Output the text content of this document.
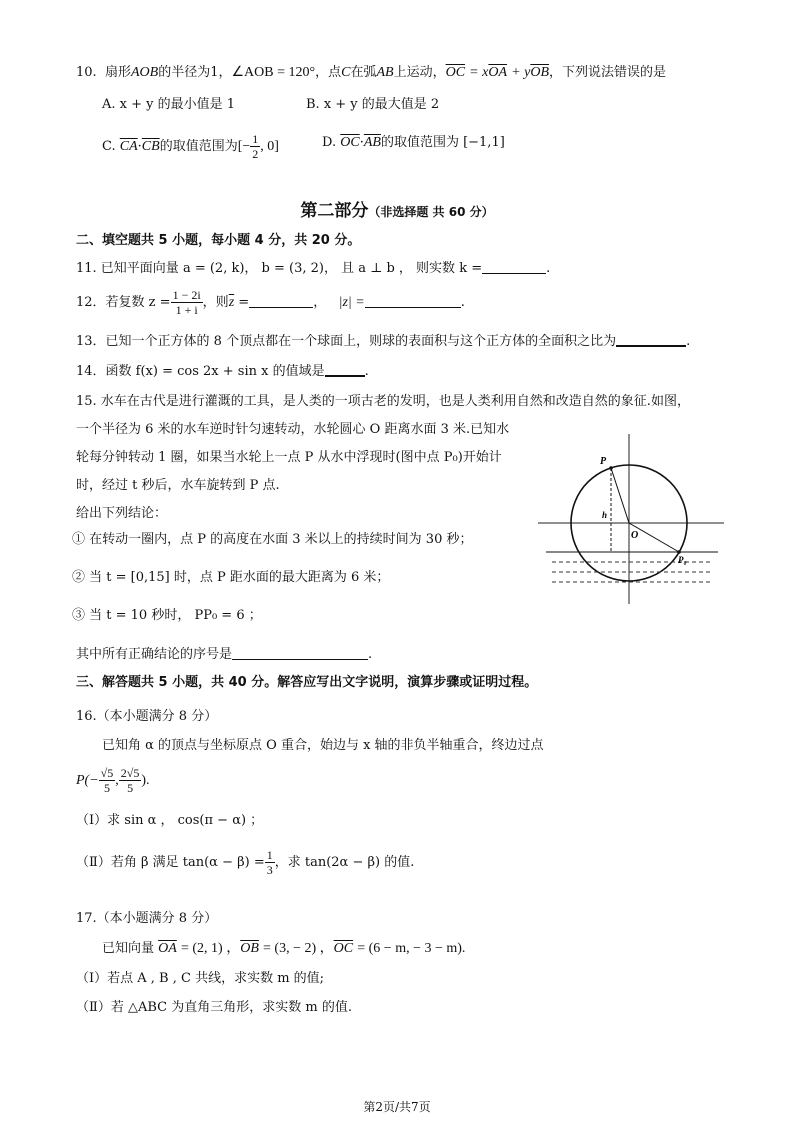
10. 扇形AOB的半径为1，∠AOB = 120°，点C在弧AB上运动，$\overline{OC} = x\overline{OA} + y\overline{OB}$，下列说法错误的是
A. x + y 的最小值是 1	B. x + y 的最大值是 2
C. $\overline{CA}\cdot\overline{CB}$的取值范围为[− $\frac{1}{2}$ , 0]	D. $\overline{OC}\cdot\overline{AB}$的取值范围为 [−1,1]
第二部分（非选择题 共 60 分）
二、填空题共 5 小题，每小题 4 分，共 20 分。
11. 已知平面向量 a = (2, k)， b = (3, 2)， 且 a ⊥ b ， 则实数 k =	.
12．若复数 $z = \frac{1 - 2i}{1 + i}$ ，则$\overline{z}$ =	， |z| =	.
13．已知一个正方体的 8 个顶点都在一个球面上，则球的表面积与这个正方体的全面积之比为	.
14．函数 f(x) = cos 2x + sin x 的值域是	.
15. 水车在古代是进行灌溉的工具，是人类的一项古老的发明，也是人类利用自然和改造自然的象征.如图，
一个半径为 6 米的水车逆时针匀速转动，水轮圆心 O 距离水面 3 米.已知水
轮每分钟转动 1 圈，如果当水轮上一点 P 从水中浮现时(图中点 P₀)开始计
时，经过 t 秒后，水车旋转到 P 点.
给出下列结论：
① 在转动一圈内，点 P 的高度在水面 3 米以上的持续时间为 30 秒；
② 当 t = [0,15] 时，点 P 距水面的最大距离为 6 米；
③ 当 t = 10 秒时， PP₀ = 6 ；
其中所有正确结论的序号是	.
P
h
O
P₀
三、解答题共 5 小题，共 40 分。解答应写出文字说明，演算步骤或证明过程。
16.（本小题满分 8 分）
已知角 α 的顶点与坐标原点 O 重合，始边与 x 轴的非负半轴重合，终边过点
$P(- \frac{√5}{5}$ , $\frac{2√5}{5}$ ).
（Ⅰ）求 sin α ， cos(π − α) ；
（Ⅱ）若角 β 满足 $\tan(\alpha - \beta) = \frac{1}{3}$ ，求 tan(2α − β) 的值.
17.（本小题满分 8 分）
已知向量 $\overline{OA} = (2$, 1) ，$\overline{OB} = (3$, − 2) ，$\overline{OC} = (6 - m$, − 3 − m).
（Ⅰ）若点 A , B , C 共线，求实数 m 的值;
（Ⅱ）若 △ABC 为直角三角形，求实数 m 的值.
第2页/共7页
